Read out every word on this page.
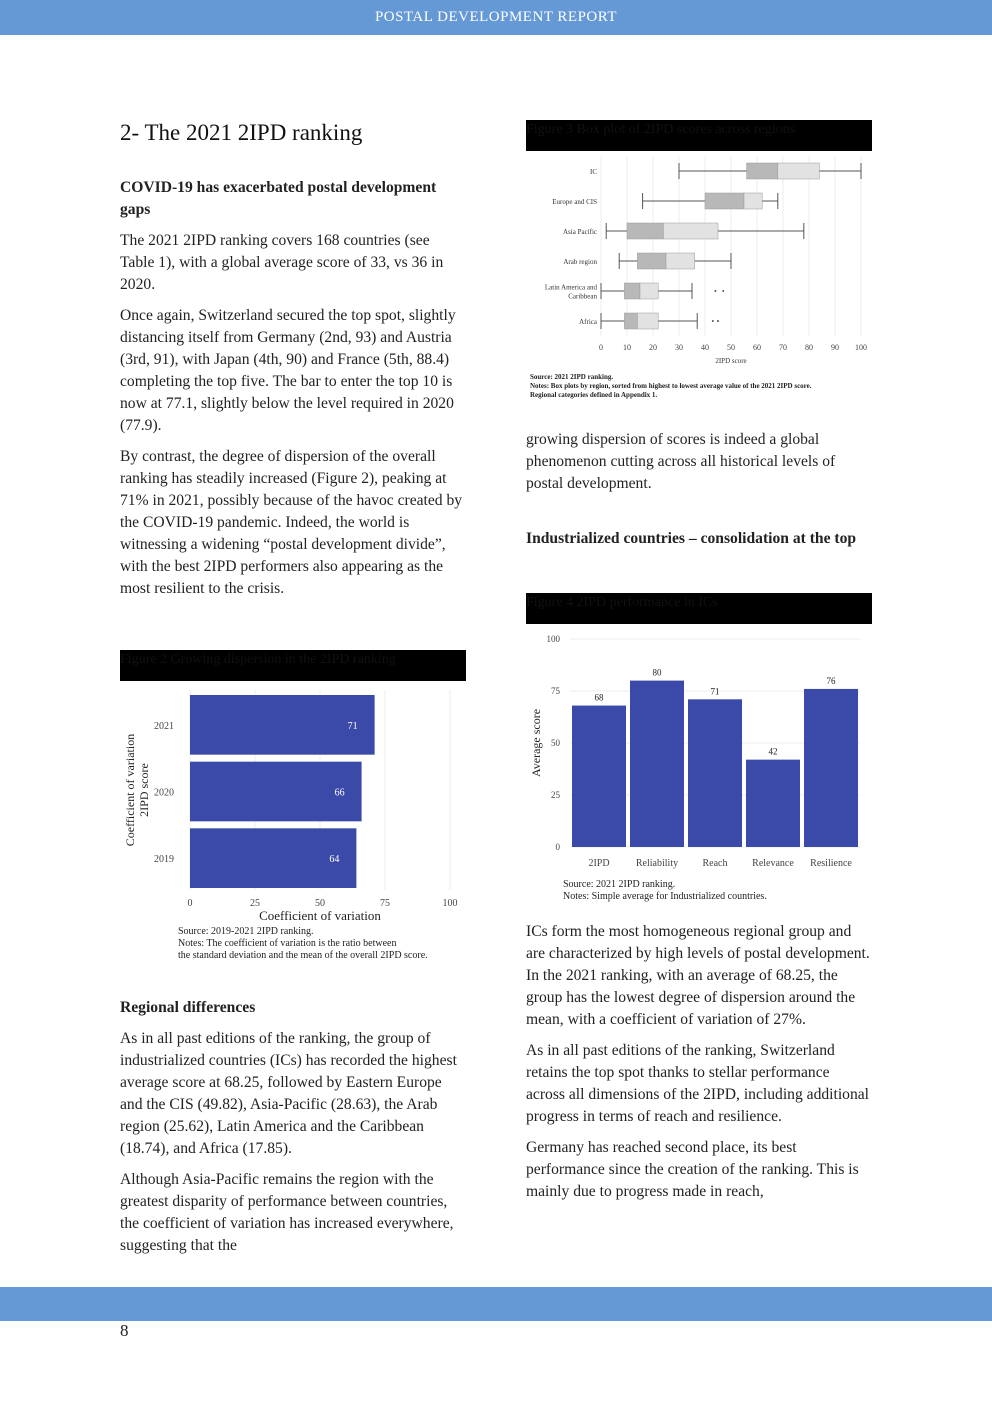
POSTAL DEVELOPMENT REPORT
2- The 2021 2IPD ranking

COVID-19 has exacerbated postal development gaps

The 2021 2IPD ranking covers 168 countries (see Table 1), with a global average score of 33, vs 36 in 2020.

Once again, Switzerland secured the top spot, slightly distancing itself from Germany (2nd, 93) and Austria (3rd, 91), with Japan (4th, 90) and France (5th, 88.4) completing the top five. The bar to enter the top 10 is now at 77.1, slightly below the level required in 2020 (77.9).

By contrast, the degree of dispersion of the overall ranking has steadily increased (Figure 2), peaking at 71% in 2021, possibly because of the havoc created by the COVID-19 pandemic. Indeed, the world is witnessing a widening “postal development divide”, with the best 2IPD performers also appearing as the most resilient to the crisis.

Figure 2 Growing dispersion in the 2IPD ranking
0	25	50	75	100
71
2021
66
2020
64
2019
Coefficient of variation
Coefficient of variation 2IPD score
Source: 2019-2021 2IPD ranking.
Notes: The coefficient of variation is the ratio between
the standard deviation and the mean of the overall 2IPD score.

Regional differences

As in all past editions of the ranking, the group of industrialized countries (ICs) has recorded the highest average score at 68.25, followed by Eastern Europe and the CIS (49.82), Asia-Pacific (28.63), the Arab region (25.62), Latin America and the Caribbean (18.74), and Africa (17.85).

Although Asia-Pacific remains the region with the greatest disparity of performance between countries, the coefficient of variation has increased everywhere, suggesting that the

Figure 3 Box plot of 2IPD scores across regions
0	10 20 30 40 50 60 70 80 90 100
IC
Europe and CIS
Asia Pacific
Arab region
Latin America and
Caribbean
Africa
2IPD score
Source: 2021 2IPD ranking.
Notes: Box plots by region, sorted from highest to lowest average value of the 2021 2IPD score.
Regional categories defined in Appendix 1.

growing dispersion of scores is indeed a global phenomenon cutting across all historical levels of postal development.

Industrialized countries – consolidation at the top

Figure 4 2IPD performance in ICs
0
25
50
75
100
68
2IPD
80
Reliability
71
Reach
42
Relevance
76
Resilience
Average score
Source: 2021 2IPD ranking.
Notes: Simple average for Industrialized countries.

ICs form the most homogeneous regional group and are characterized by high levels of postal development. In the 2021 ranking, with an average of 68.25, the group has the lowest degree of dispersion around the mean, with a coefficient of variation of 27%.

As in all past editions of the ranking, Switzerland retains the top spot thanks to stellar performance across all dimensions of the 2IPD, including additional progress in terms of reach and resilience.

Germany has reached second place, its best performance since the creation of the ranking. This is mainly due to progress made in reach,

8
